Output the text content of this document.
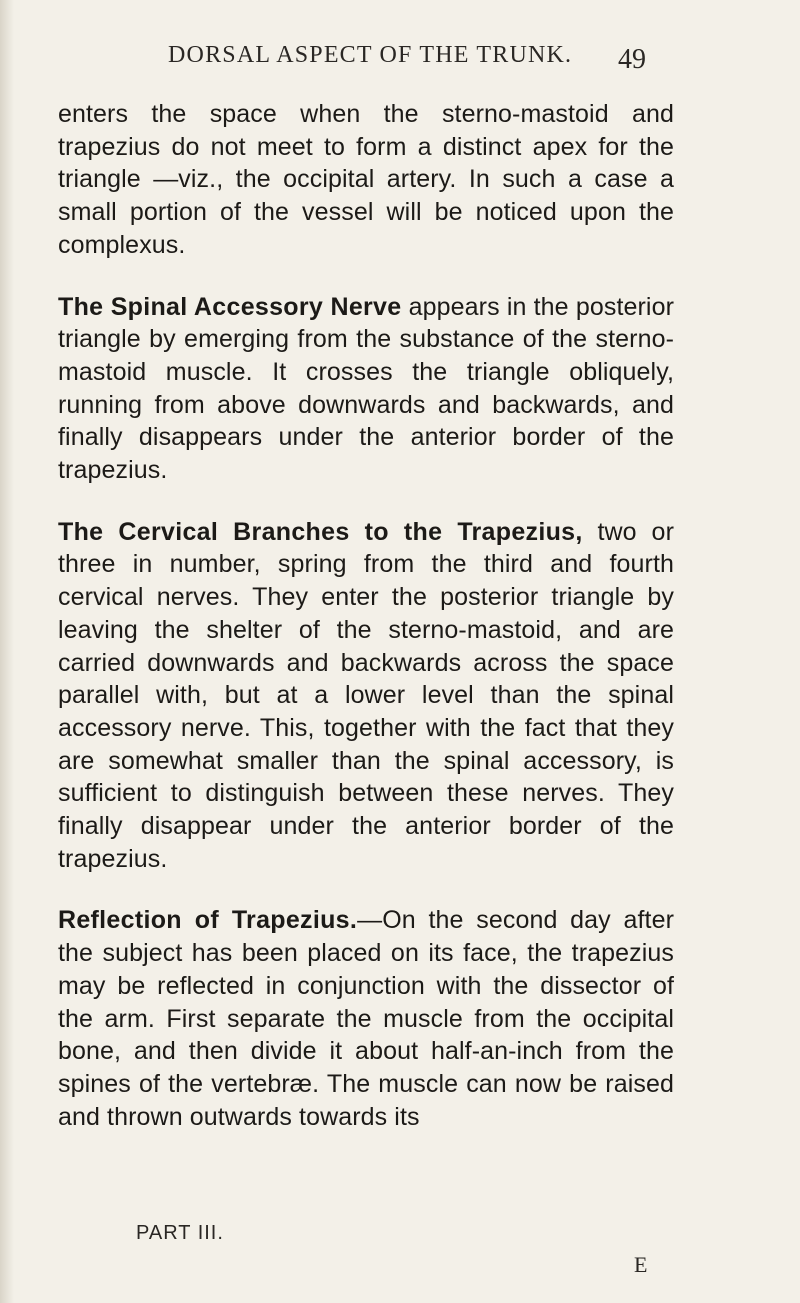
DORSAL ASPECT OF THE TRUNK. 49

enters the space when the sterno-mastoid and trapezius do not meet to form a distinct apex for the triangle —viz., the occipital artery. In such a case a small portion of the vessel will be noticed upon the complexus.

The Spinal Accessory Nerve appears in the posterior triangle by emerging from the substance of the sterno-mastoid muscle. It crosses the triangle obliquely, running from above downwards and backwards, and finally disappears under the anterior border of the trapezius.

The Cervical Branches to the Trapezius, two or three in number, spring from the third and fourth cervical nerves. They enter the posterior triangle by leaving the shelter of the sterno-mastoid, and are carried downwards and backwards across the space parallel with, but at a lower level than the spinal accessory nerve. This, together with the fact that they are somewhat smaller than the spinal accessory, is sufficient to distinguish between these nerves. They finally disappear under the anterior border of the trapezius.

Reflection of Trapezius.—On the second day after the subject has been placed on its face, the trapezius may be reflected in conjunction with the dissector of the arm. First separate the muscle from the occipital bone, and then divide it about half-an-inch from the spines of the vertebræ. The muscle can now be raised and thrown outwards towards its

PART III.
E
